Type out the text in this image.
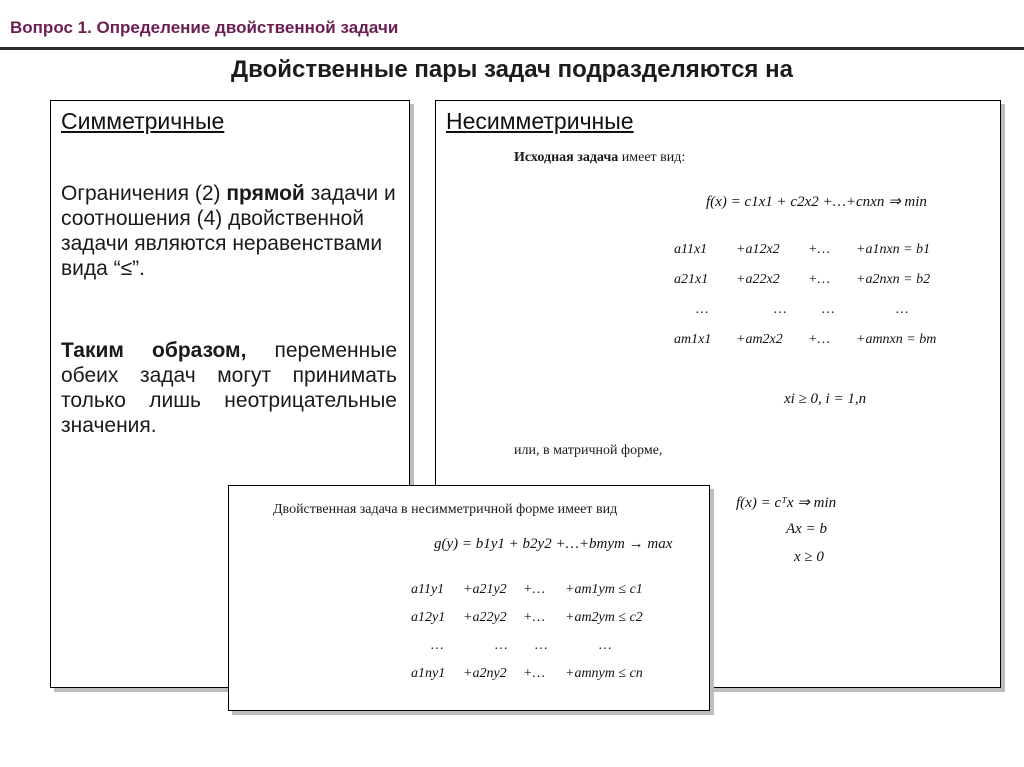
Вопрос 1. Определение двойственной задачи
Двойственные пары задач подразделяются на
Симметричные
Ограничения (2) прямой задачи и соотношения (4) двойственной задачи являются неравенствами вида “≤”.
Таким образом, переменные обеих задач могут принимать только лишь неотрицательные значения.
Несимметричные
Исходная задача имеет вид:
f(x) = c1x1 + c2x2 +…+cnxn ⇒ min
a11x1 +a12x2 +… +a1nxn = b1
a21x1 +a22x2 +… +a2nxn = b2
…	…	…	…
am1x1 +am2x2 +… +amnxn = bm
xi ≥ 0, i = 1,n
или, в матричной форме,
f(x) = cᵀx ⇒ min
Ax = b
x ≥ 0
Двойственная задача в несимметричной форме имеет вид
g(y) = b1y1 + b2y2 +…+bmym → max
a11y1 +a21y2 +… +am1ym ≤ c1
a12y1 +a22y2 +… +am2ym ≤ c2
…	… …	…
a1ny1 +a2ny2 +… +amnym ≤ cn
